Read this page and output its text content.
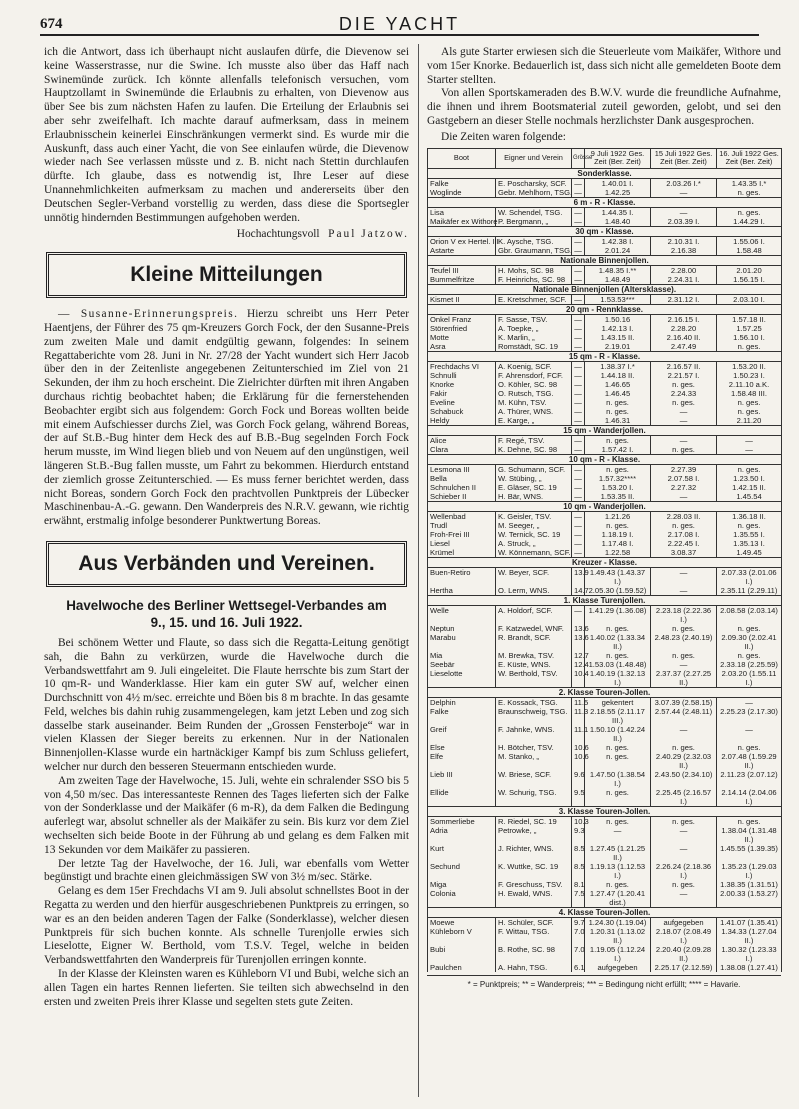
674	DIE YACHT

ich die Antwort, dass ich überhaupt nicht auslaufen dürfe, die Dievenow sei keine Wasserstrasse, nur die Swine. Ich musste also über das Haff nach Swinemünde zurück. Ich könnte allenfalls telefonisch versuchen, vom Hauptzollamt in Swinemünde die Erlaubnis zu erhalten, von Dievenow aus über See bis zum nächsten Hafen zu laufen. Die Erteilung der Erlaubnis sei aber sehr zweifelhaft. Ich machte darauf aufmerksam, dass in meinem Erlaubnisschein keinerlei Einschränkungen vermerkt sind. Es wurde mir die Auskunft, dass auch einer Yacht, die von See einlaufen würde, die Dievenow wieder nach See verlassen müsste und z. B. nicht nach Stettin durchlaufen dürfte. Ich glaube, dass es notwendig ist, Ihre Leser auf diese Unannehmlichkeiten aufmerksam zu machen und andererseits über den Deutschen Segler-Verband vorstellig zu werden, dass diese die Sportsegler unnötig hindernden Bestimmungen aufgehoben werden.

Hochachtungsvoll Paul Jatzow.
Kleine Mitteilungen

— Susanne-Erinnerungspreis. Hierzu schreibt uns Herr Peter Haentjens, der Führer des 75 qm-Kreuzers Gorch Fock, der den Susanne-Preis zum zweiten Male und damit endgültig gewann, folgendes: In seinem Regattaberichte vom 28. Juni in Nr. 27/28 der Yacht wundert sich Herr Jacob über den in der Zeitenliste angegebenen Zeitunterschied im Ziel von 21 Sekunden, der ihm zu hoch erscheint. Die Zielrichter dürften mit ihren Angaben durchaus richtig beobachtet haben; die Erklärung für die fernerstehenden Beobachter ergibt sich aus folgendem: Gorch Fock und Boreas wollten beide mit einem Aufschiesser durchs Ziel, was Gorch Fock gelang, während Boreas, der auf St.B.-Bug hinter dem Heck des auf B.B.-Bug segelnden Forch Fock herum musste, im Wind liegen blieb und von Neuem auf den ungünstigen, weil längeren St.B.-Bug fallen musste, um Fahrt zu bekommen. Hierdurch entstand der ziemlich grosse Zeitunterschied. — Es muss ferner berichtet werden, dass nicht Boreas, sondern Gorch Fock den prachtvollen Punktpreis der Lübecker Maschinenbau-A.-G. gewann. Den Wanderpreis des N.R.V. gewann, wie richtig erwähnt, erstmalig infolge besonderer Punktwertung Boreas.

Aus Verbänden und Vereinen.
Havelwoche des Berliner Wettsegel-Verbandes am
9., 15. und 16. Juli 1922.

Bei schönem Wetter und Flaute, so dass sich die Regatta-Leitung genötigt sah, die Bahn zu verkürzen, wurde die Havelwoche durch die Verbandswettfahrt am 9. Juli eingeleitet. Die Flaute herrschte bis zum Start der 10 qm-R- und Wanderklasse. Hier kam ein guter SW auf, welcher einen Durchschnitt von 4½ m/sec. erreichte und Böen bis 8 m brachte. In das gesamte Feld, welches bis dahin ruhig zusammengelegen, kam jetzt Leben und zog sich dasselbe stark auseinander. Beim Runden der „Grossen Fensterboje“ war in vielen Klassen der Sieger bereits zu erkennen. Nur in der Nationalen Binnenjollen-Klasse wurde ein hartnäckiger Kampf bis zum Schluss geliefert, welcher nur durch den besseren Steuermann entschieden wurde.

Am zweiten Tage der Havelwoche, 15. Juli, wehte ein schralender SSO bis 5 von 4,50 m/sec. Das interessanteste Rennen des Tages lieferten sich der Falke von der Sonderklasse und der Maikäfer (6 m-R), da dem Falken die Bedingung auferlegt war, absolut schneller als der Maikäfer zu sein. Bis kurz vor dem Ziel wechselten sich beide Boote in der Führung ab und gelang es dem Falken mit 13 Sekunden vor dem Maikäfer zu passieren.

Der letzte Tag der Havelwoche, der 16. Juli, war ebenfalls vom Wetter begünstigt und brachte einen gleichmässigen SW von 3½ m/sec. Stärke.

Gelang es dem 15er Frechdachs VI am 9. Juli absolut schnellstes Boot in der Regatta zu werden und den hierfür ausgeschriebenen Punktpreis zu erringen, so war es an den beiden anderen Tagen der Falke (Sonderklasse), welcher diesen Punktpreis für sich buchen konnte. Als schnelle Turenjolle erwies sich Lieselotte, Eigner W. Berthold, vom T.S.V. Tegel, welche in beiden Verbandswettfahrten den Wanderpreis für Turenjollen erringen konnte.

In der Klasse der Kleinsten waren es Kühleborn VI und Bubi, welche sich an allen Tagen ein hartes Rennen lieferten. Sie teilten sich abwechselnd in den ersten und zweiten Preis ihrer Klasse und segelten stets gute Zeiten.

Als gute Starter erwiesen sich die Steuerleute vom Maikäfer, Withore und vom 15er Knorke. Bedauerlich ist, dass sich nicht alle gemeldeten Boote dem Starter stellten.

Von allen Sportskameraden des B.W.V. wurde die freundliche Aufnahme, die ihnen und ihrem Bootsmaterial zuteil geworden, gelobt, und sei den Gastgebern an dieser Stelle nochmals herzlichster Dank ausgesprochen.

Die Zeiten waren folgende:

Boot	Eigner und Verein	Grösse	9 Juli 1922 Ges. Zeit (Ber. Zeit)	15 Juli 1922 Ges. Zeit (Ber. Zeit)	16. Juli 1922 Ges. Zeit (Ber. Zeit)
Sonderklasse.					
Falke	E. Poscharsky, SCF.	—	1.40.01 I.	2.03.26 I.*	1.43.35 I.*
Woglinde	Gebr. Mehlhorn, TSG.	—	1.42.25	—	n. ges.
6 m - R - Klasse.					
Lisa	W. Schendel, TSG.	—	1.44.35 I.	—	n. ges.
Maikäfer ex Withore	P. Bergmann, „	—	1.48.40	2.03.39 I.	1.44.29 I.
30 qm - Klasse.					
Orion V ex Hertel. III	K. Aysche, TSG.	—	1.42.38 I.	2.10.31 I.	1.55.06 I.
Astarte	Gbr. Graumann, TSG.	—	2.01.24	2.16.38	1.58.48
Nationale Binnenjollen.					
Teufel III	H. Mohs, SC. 98	—	1.48.35 I.**	2.28.00	2.01.20
Bummelfritze	F. Heinrichs, SC. 98	—	1.48.49	2.24.31 I.	1.56.15 I.
Nationale Binnenjollen (Altersklasse).					
Kismet II	E. Kretschmer, SCF.	—	1.53.53***	2.31.12 I.	2.03.10 I.
20 qm - Rennklasse.					
Onkel Franz	F. Sasse, TSV.	—	1.50.16	2.16.15 I.	1.57.18 II.
Störenfried	A. Toepke, „	—	1.42.13 I.	2.28.20	1.57.25
Motte	K. Marlin, „	—	1.43.15 II.	2.16.40 II.	1.56.10 I.
Asra	Romstädt, SC. 19	—	2.19.01	2.47.49	n. ges.
15 qm - R - Klasse.					
Frechdachs VI	A. Koenig, SCF.	—	1.38.37 I.*	2.16.57 II.	1.53.20 II.
Schnulli	F. Ahrensdorf, FCF.	—	1.44.18 II.	2.21.57 I.	1.50.23 I.
Knorke	O. Köhler, SC. 98	—	1.46.65	n. ges.	2.11.10 a.K.
Fakir	O. Rutsch, TSG.	—	1.46.45	2.24.33	1.58.48 III.
Eveline	M. Kühn, TSV.	—	n. ges.	n. ges.	n. ges.
Schabuck	A. Thürer, WNS.	—	n. ges.	—	n. ges.
Heldy	E. Karge, „	—	1.46.31	—	2.11.20
15 qm - Wanderjollen.					
Alice	F. Regé, TSV.	—	n. ges.	—	—
Clara	K. Dehne, SC. 98	—	1.57.42 I.	n. ges.	—
10 qm - R - Klasse.					
Lesmona III	G. Schumann, SCF.	—	n. ges.	2.27.39	n. ges.
Bella	W. Stübing, „	—	1.57.32****	2.07.58 I.	1.23.50 I.
Schnulchen II	E. Gläser, SC. 19	—	1.53.20 I.	2.27.32	1.42.15 II.
Schieber II	H. Bär, WNS.	—	1.53.35 II.	—	1.45.54
10 qm - Wanderjollen.					
Wellenbad	K. Geisler, TSV.	—	1.21.26	2.28.03 II.	1.36.18 II.
Trudl	M. Seeger, „	—	n. ges.	n. ges.	n. ges.
Froh-Frei III	W. Ternick, SC. 19	—	1.18.19 I.	2.17.08 I.	1.35.55 I.
Liesel	A. Struck, „	—	1.17.48 I.	2.22.45 I.	1.35.13 I.
Krümel	W. Könnemann, SCF.	—	1.22.58	3.08.37	1.49.45
Kreuzer - Klasse.					
Buen-Retiro	W. Beyer, SCF.	13.9	1.49.43 (1.43.37 I.)	—	2.07.33 (2.01.06 I.)
Hertha	O. Lerm, WNS.	14.7	2.05.30 (1.59.52)	—	2.35.11 (2.29.11)
1. Klasse Turenjollen.					
Welle	A. Holdorf, SCF.	—	1.41.29 (1.36.08)	2.23.18 (2.22.36 I.)	2.08.58 (2.03.14)
Neptun	F. Katzwedel, WNF.	13.6	n. ges.	n. ges.	n. ges.
Marabu	R. Brandt, SCF.	13.6	1.40.02 (1.33.34 II.)	2.48.23 (2.40.19)	2.09.30 (2.02.41 II.)
Mia	M. Brewka, TSV.	12.7	n. ges.	n. ges.	n. ges.
Seebär	E. Küste, WNS.	12.4	1.53.03 (1.48.48)	—	2.33.18 (2.25.59)
Lieselotte	W. Berthold, TSV.	10.4	1.40.19 (1.32.13 I.)	2.37.37 (2.27.25 II.)	2.03.20 (1.55.11 I.)
2. Klasse Touren-Jollen.					
Delphin	E. Kossack, TSG.	11.5	gekentert	3.07.39 (2.58.15)	—
Falke	Braunschweig, TSG.	11.3	2.18.55 (2.11.17 III.)	2.57.44 (2.48.11)	2.25.23 (2.17.30)
Greif	F. Jahnke, WNS.	11.1	1.50.10 (1.42.24 II.)	—	—
Else	H. Bötcher, TSV.	10.6	n. ges.	n. ges.	n. ges.
Elfe	M. Stanko, „	10.6	n. ges.	2.40.29 (2.32.03 II.)	2.07.48 (1.59.29 II.)
Lieb III	W. Briese, SCF.	9.6	1.47.50 (1.38.54 I.)	2.43.50 (2.34.10)	2.11.23 (2.07.12)
Ellide	W. Schurig, TSG.	9.5	n. ges.	2.25.45 (2.16.57 I.)	2.14.14 (2.04.06 I.)
3. Klasse Touren-Jollen.					
Sommerliebe	R. Riedel, SC. 19	10.3	n. ges.	n. ges.	n. ges.
Adria	Petrowke, „	9.3	—	—	1.38.04 (1.31.48 II.)
Kurt	J. Richter, WNS.	8.5	1.27.45 (1.21.25 II.)	—	1.45.55 (1.39.35)
Sechund	K. Wuttke, SC. 19	8.5	1.19.13 (1.12.53 I.)	2.26.24 (2.18.36 I.)	1.35.23 (1.29.03 I.)
Miga	F. Greschuss, TSV.	8.1	n. ges.	n. ges.	1.38.35 (1.31.51)
Colonia	H. Ewald, WNS.	7.5	1.27.47 (1.20.41 dist.)	—	2.00.33 (1.53.27)
4. Klasse Touren-Jollen.					
Moewe	H. Schüler, SCF.	9.7	1.24.30 (1.19.04)	aufgegeben	1.41.07 (1.35.41)
Kühleborn V	F. Wittau, TSG.	7.0	1.20.31 (1.13.02 II.)	2.18.07 (2.08.49 I.)	1.34.33 (1.27.04 II.)
Bubi	B. Rothe, SC. 98	7.0	1.19.05 (1.12.24 I.)	2.20.40 (2.09.28 II.)	1.30.32 (1.23.33 I.)
Paulchen	A. Hahn, TSG.	6.1	aufgegeben	2.25.17 (2.12.59)	1.38.08 (1.27.41)
* = Punktpreis; ** = Wanderpreis; *** = Bedingung nicht erfüllt; **** = Havarie.
